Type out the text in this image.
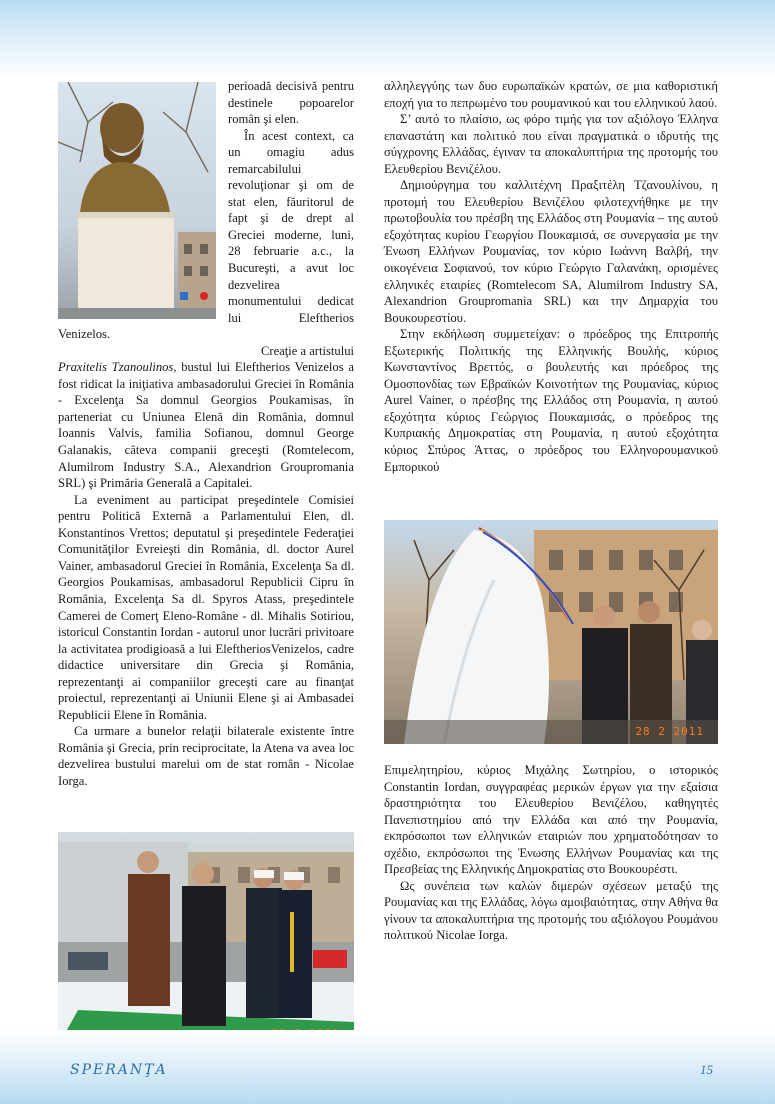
perioadă decisivă pentru destinele popoarelor român şi elen.

În acest context, ca un omagiu adus remarcabilului revoluţionar şi om de stat elen, făuritorul de fapt şi de drept al Greciei moderne, luni, 28 februarie a.c., la Bucureşti, a avut loc dezvelirea monumentului dedicat lui Eleftherios Venizelos.

Creaţie a artistului

Praxitelis Tzanoulinos, bustul lui Eleftherios Venizelos a fost ridicat la iniţiativa ambasadorului Greciei în România - Excelenţa Sa domnul Georgios Poukamisas, în parteneriat cu Uniunea Elenă din România, domnul Ioannis Valvis, familia Sofianou, domnul George Galanakis, câteva companii greceşti (Romtelecom, Alumilrom Industry S.A., Alexandrion Groupromania SRL) şi Primăria Generală a Capitalei.

La eveniment au participat preşedintele Comisiei pentru Politică Externă a Parlamentului Elen, dl. Konstantinos Vrettos; deputatul şi preşedintele Federaţiei Comunităţilor Evreieşti din România, dl. doctor Aurel Vainer, ambasadorul Greciei în România, Excelenţa Sa dl. Georgios Poukamisas, ambasadorul Republicii Cipru în România, Excelenţa Sa dl. Spyros Atass, preşedintele Camerei de Comerţ Eleno-Române - dl. Mihalis Sotiriou, istoricul Constantin Iordan - autorul unor lucrări privitoare la activitatea prodigioasă a lui EleftheriosVenizelos, cadre didactice universitare din Grecia şi România, reprezentanţi ai companiilor greceşti care au finanţat proiectul, reprezentanţi ai Uniunii Elene şi ai Ambasadei Republicii Elene în România.

Ca urmare a bunelor relaţii bilaterale existente între România şi Grecia, prin reciprocitate, la Atena va avea loc dezvelirea bustului marelui om de stat român - Nicolae Iorga.

αλληλεγγύης των δυο ευρωπαϊκών κρατών, σε μια καθοριστική εποχή για το πεπρωμένο του ρουμανικού και του ελληνικού λαού.

Σ’ αυτό το πλαίσιο, ως φόρο τιμής για τον αξιόλογο Έλληνα επαναστάτη και πολιτικό που είναι πραγματικά ο ιδρυτής της σύγχρονης Ελλάδας, έγιναν τα αποκαλυπτήρια της προτομής του Ελευθερίου Βενιζέλου.

Δημιούργημα του καλλιτέχνη Πραξιτέλη Τζανουλίνου, η προτομή του Ελευθερίου Βενιζέλου φιλοτεχνήθηκε με την πρωτοβουλία του πρέσβη της Ελλάδος στη Ρουμανία – της αυτού εξοχότητας κυρίου Γεωργίου Πουκαμισά, σε συνεργασία με την Ένωση Ελλήνων Ρουμανίας, τον κύριο Ιωάννη Βαλβή, την οικογένεια Σοφιανού, τον κύριο Γεώργιο Γαλανάκη, ορισμένες ελληνικές εταιρίες (Romtelecom SA, Alumilrom Industry SA, Alexandrion Groupromania SRL) και την Δημαρχία του Βουκουρεστίου.

Στην εκδήλωση συμμετείχαν: ο πρόεδρος της Επιτροπής Εξωτερικής Πολιτικής της Ελληνικής Βουλής, κύριος Κωνσταντίνος Βρεττός, ο βουλευτής και πρόεδρος της Ομοσπονδίας των Εβραϊκών Κοινοτήτων της Ρουμανίας, κύριος Aurel Vainer, ο πρέσβης της Ελλάδος στη Ρουμανία, η αυτού εξοχότητα κύριος Γεώργιος Πουκαμισάς, ο πρόεδρος της Κυπριακής Δημοκρατίας στη Ρουμανία, η αυτού εξοχότητα κύριος Σπύρος Άττας, ο πρόεδρος του Ελληνορουμανικού Εμπορικού

28 2 2011

Επιμελητηρίου, κύριος Μιχάλης Σωτηρίου, ο ιστορικός Constantin Iordan, συγγραφέας μερικών έργων για την εξαίσια δραστηριότητα του Ελευθερίου Βενιζέλου, καθηγητές Πανεπιστημίου από την Ελλάδα και από την Ρουμανία, εκπρόσωποι των ελληνικών εταιριών που χρηματοδότησαν το σχέδιο, εκπρόσωποι της Ένωσης Ελλήνων Ρουμανίας και της Πρεσβείας της Ελληνικής Δημοκρατίας στο Βουκουρέστι.

Ως συνέπεια των καλών διμερών σχέσεων μεταξύ της Ρουμανίας και της Ελλάδας, λόγω αμοιβαιότητας, στην Αθήνα θα γίνουν τα αποκαλυπτήρια της προτομής του αξιόλογου Ρουμάνου πολιτικού Nicolae Iorga.

SPERANŢA	15
